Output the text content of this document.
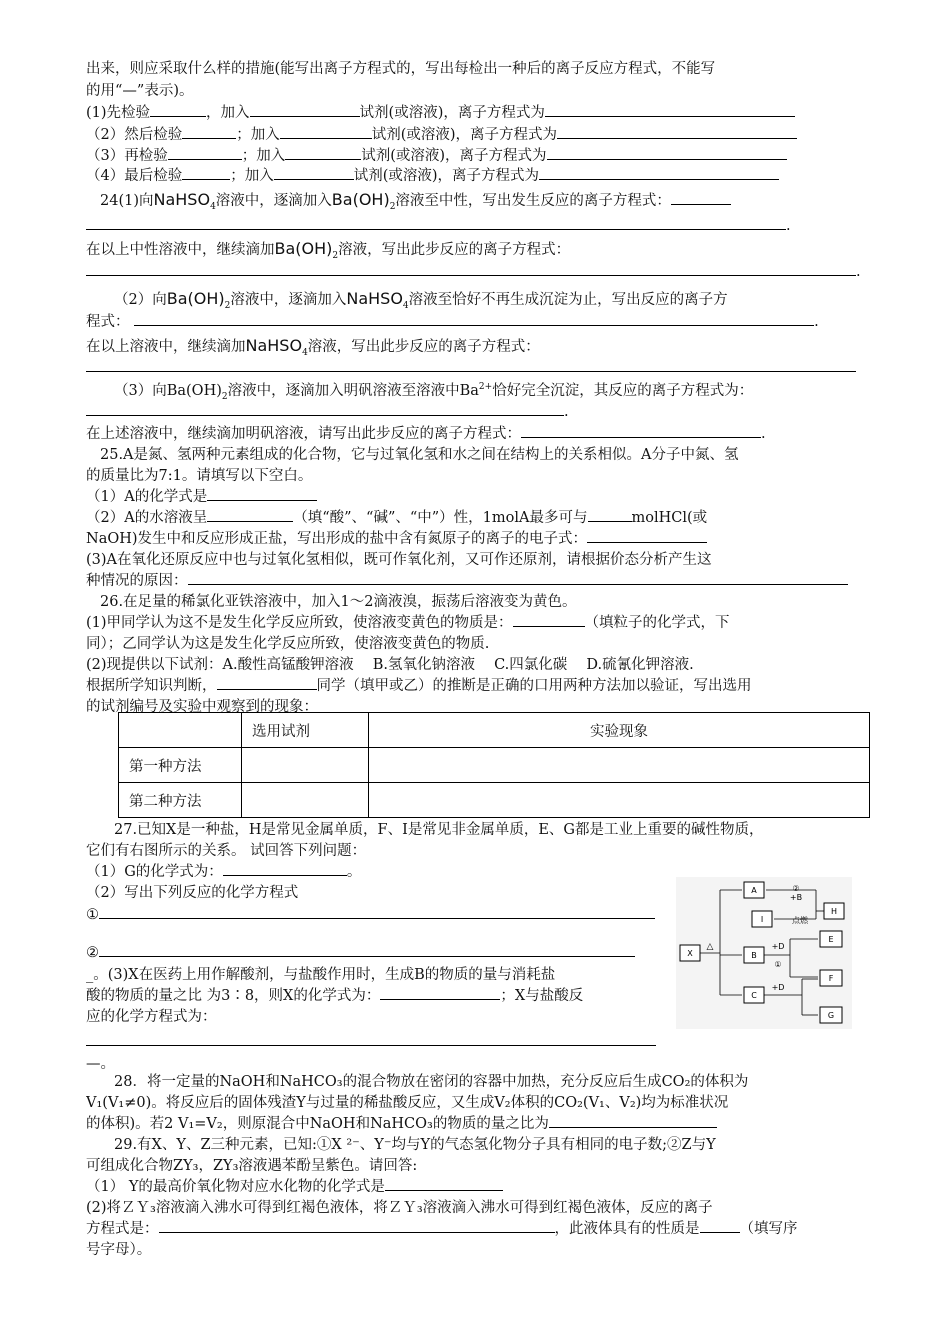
出来，则应采取什么样的措施(能写出离子方程式的，写出每检出一种后的离子反应方程式，不能写
的用“—”表示)。
(1)先检验	，加入	试剂(或溶液)，离子方程式为
（2）然后检验	；加入	试剂(或溶液)，离子方程式为
（3）再检验	；加入	试剂(或溶液)，离子方程式为
（4）最后检验	；加入	试剂(或溶液)，离子方程式为
24(1)向NaHSO$_4$溶液中，逐滴加入$Ba(OH)_2$溶液至中性，写出发生反应的离子方程式：
.
在以上中性溶液中，继续滴加$Ba(OH)_2$溶液，写出此步反应的离子方程式：
.
（2）向$Ba(OH)_2$溶液中，逐滴加入NaHSO$_4$溶液至恰好不再生成沉淀为止，写出反应的离子方
程式：	.
在以上溶液中，继续滴加NaHSO$_4$溶液，写出此步反应的离子方程式：
（3）向$Ba(OH)_2$溶液中，逐滴加入明矾溶液至溶液中$Ba^{2+}$恰好完全沉淀，其反应的离子方程式为：
.
在上述溶液中，继续滴加明矾溶液，请写出此步反应的离子方程式：	.
25.A是氮、氢两种元素组成的化合物，它与过氧化氢和水之间在结构上的关系相似。A分子中氮、氢
的质量比为7:1。请填写以下空白。
（1）A的化学式是
（2）A的水溶液呈	（填“酸”、“碱”、“中”）性，1molA最多可与	molHCl(或
NaOH)发生中和反应形成正盐，写出形成的盐中含有氮原子的离子的电子式：
(3)A在氧化还原反应中也与过氧化氢相似，既可作氧化剂，又可作还原剂，请根据价态分析产生这
种情况的原因：
26.在足量的稀氯化亚铁溶液中，加入1～2滴液溴，振荡后溶液变为黄色。
(1)甲同学认为这不是发生化学反应所致，使溶液变黄色的物质是：	（填粒子的化学式，下
同）；乙同学认为这是发生化学反应所致，使溶液变黄色的物质.
(2)现提供以下试剂：A.酸性高锰酸钾溶液　 B.氢氧化钠溶液　 C.四氯化碳　 D.硫氰化钾溶液.
根据所学知识判断，	同学（填甲或乙）的推断是正确的口用两种方法加以验证，写出选用
的试剂编号及实验中观察到的现象：
	选用试剂	实验现象
第一种方法		
第二种方法		
27.已知X是一种盐，H是常见金属单质，F、I是常见非金属单质，E、G都是工业上重要的碱性物质，
它们有右图所示的关系。 试回答下列问题：
（1）G的化学式为：	。
（2）写出下列反应的化学方程式
①
②
_。(3)X在医药上用作解酸剂，与盐酸作用时，生成B的物质的量与消耗盐
酸的物质的量之比 为3∶8，则X的化学式为：	；X与盐酸反
应的化学方程式为：
—。
28．将一定量的NaOH和NaHCO₃的混合物放在密闭的容器中加热，充分反应后生成CO₂的体积为
V₁(V₁≠0)。将反应后的固体残渣Y与过量的稀盐酸反应，又生成V₂体积的CO₂(V₁、V₂)均为标准状况
的体积)。若2 V₁=V₂，则原混合中NaOH和NaHCO₃的物质的量之比为
29.有X、Y、Z三种元素，已知:①X ²⁻、Y⁻均与Y的气态氢化物分子具有相同的电子数;②Z与Y
可组成化合物ZY₃，ZY₃溶液遇苯酚呈紫色。请回答:
（1） Y的最高价氧化物对应水化物的化学式是
(2)将ＺＹ₃溶液滴入沸水可得到红褐色液体，将ＺＹ₃溶液滴入沸水可得到红褐色液体，反应的离子
方程式是：	，此液体具有的性质是	（填写序
号字母）。
A
I
H
X	B
C
E
F
G
△
②
+B
点燃
+D
①
+D
